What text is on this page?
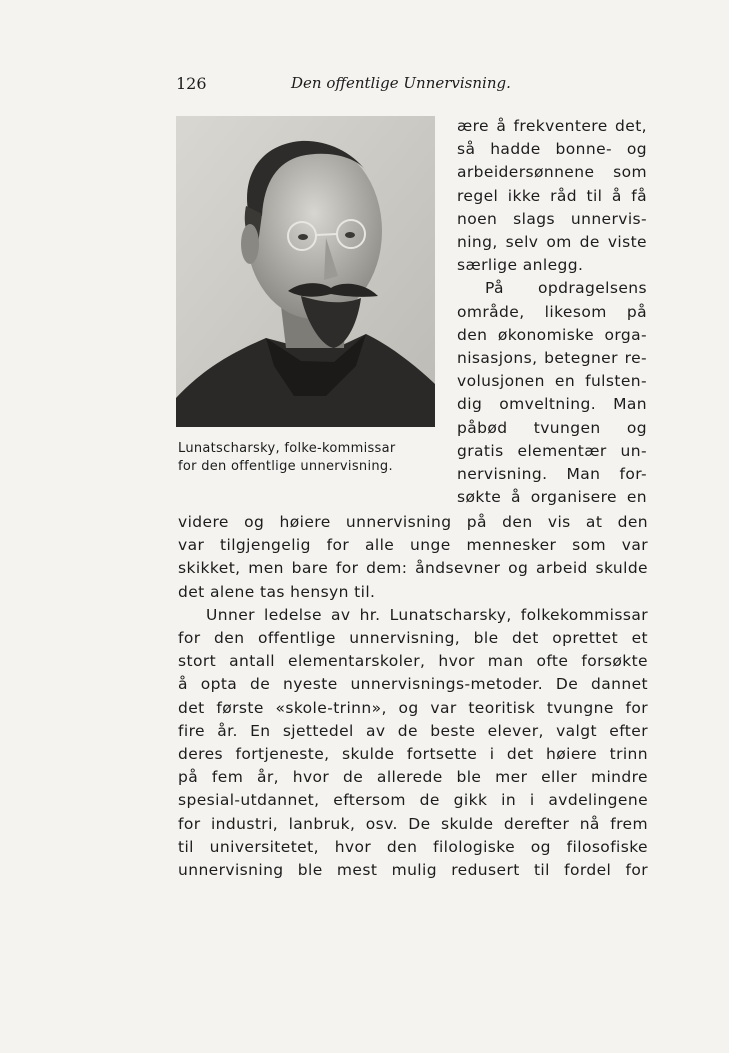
126	Den offentlige Unnervisning.
Lunatscharsky, folke-kommissar
for den offentlige unnervisning.
ære å frekventere det,
så hadde bonne- og
arbeidersønnene som
regel ikke råd til å få
noen slags unnervis-
ning, selv om de viste
særlige anlegg.
På opdragelsens
område, likesom på
den økonomiske orga-
nisasjons, betegner re-
volusjonen en fulsten-
dig omveltning. Man
påbød tvungen og
gratis elementær un-
nervisning. Man for-
søkte å organisere en
videre og høiere unnervisning på den vis at den
var tilgjengelig for alle unge mennesker som var
skikket, men bare for dem: åndsevner og arbeid skulde
det alene tas hensyn til.
Unner ledelse av hr. Lunatscharsky, folkekommissar
for den offentlige unnervisning, ble det oprettet et
stort antall elementarskoler, hvor man ofte forsøkte
å opta de nyeste unnervisnings-metoder. De dannet
det første «skole-trinn», og var teoritisk tvungne for
fire år. En sjettedel av de beste elever, valgt efter
deres fortjeneste, skulde fortsette i det høiere trinn
på fem år, hvor de allerede ble mer eller mindre
spesial-utdannet, eftersom de gikk in i avdelingene
for industri, lanbruk, osv. De skulde derefter nå frem
til universitetet, hvor den filologiske og filosofiske
unnervisning ble mest mulig redusert til fordel for
